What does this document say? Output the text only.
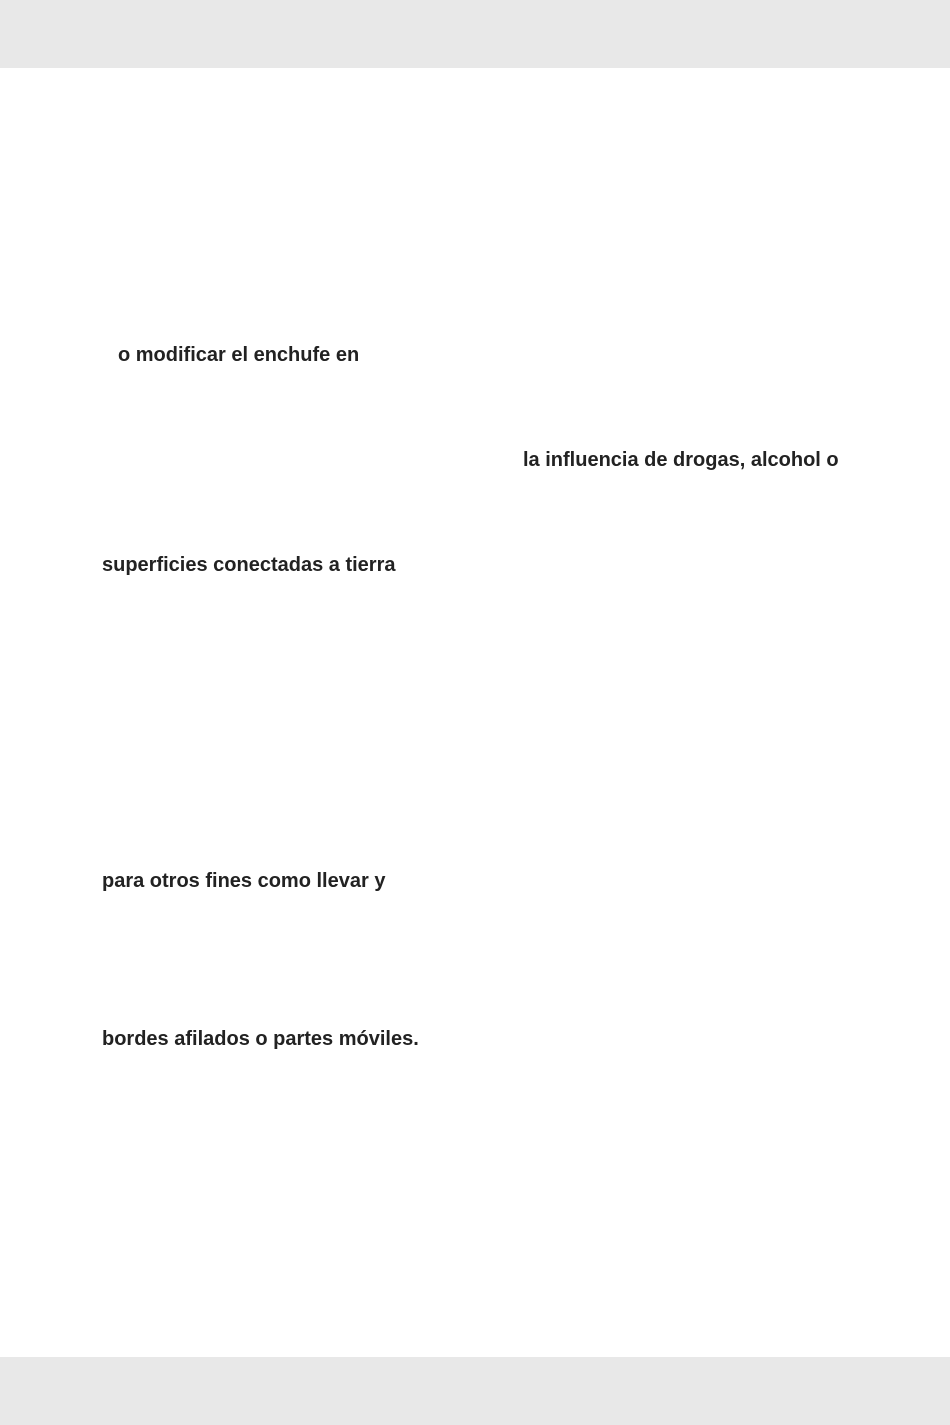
o modificar el enchufe en

la influencia de drogas, alcohol o

superficies conectadas a tierra

para otros fines como llevar y

bordes afilados o partes móviles.
